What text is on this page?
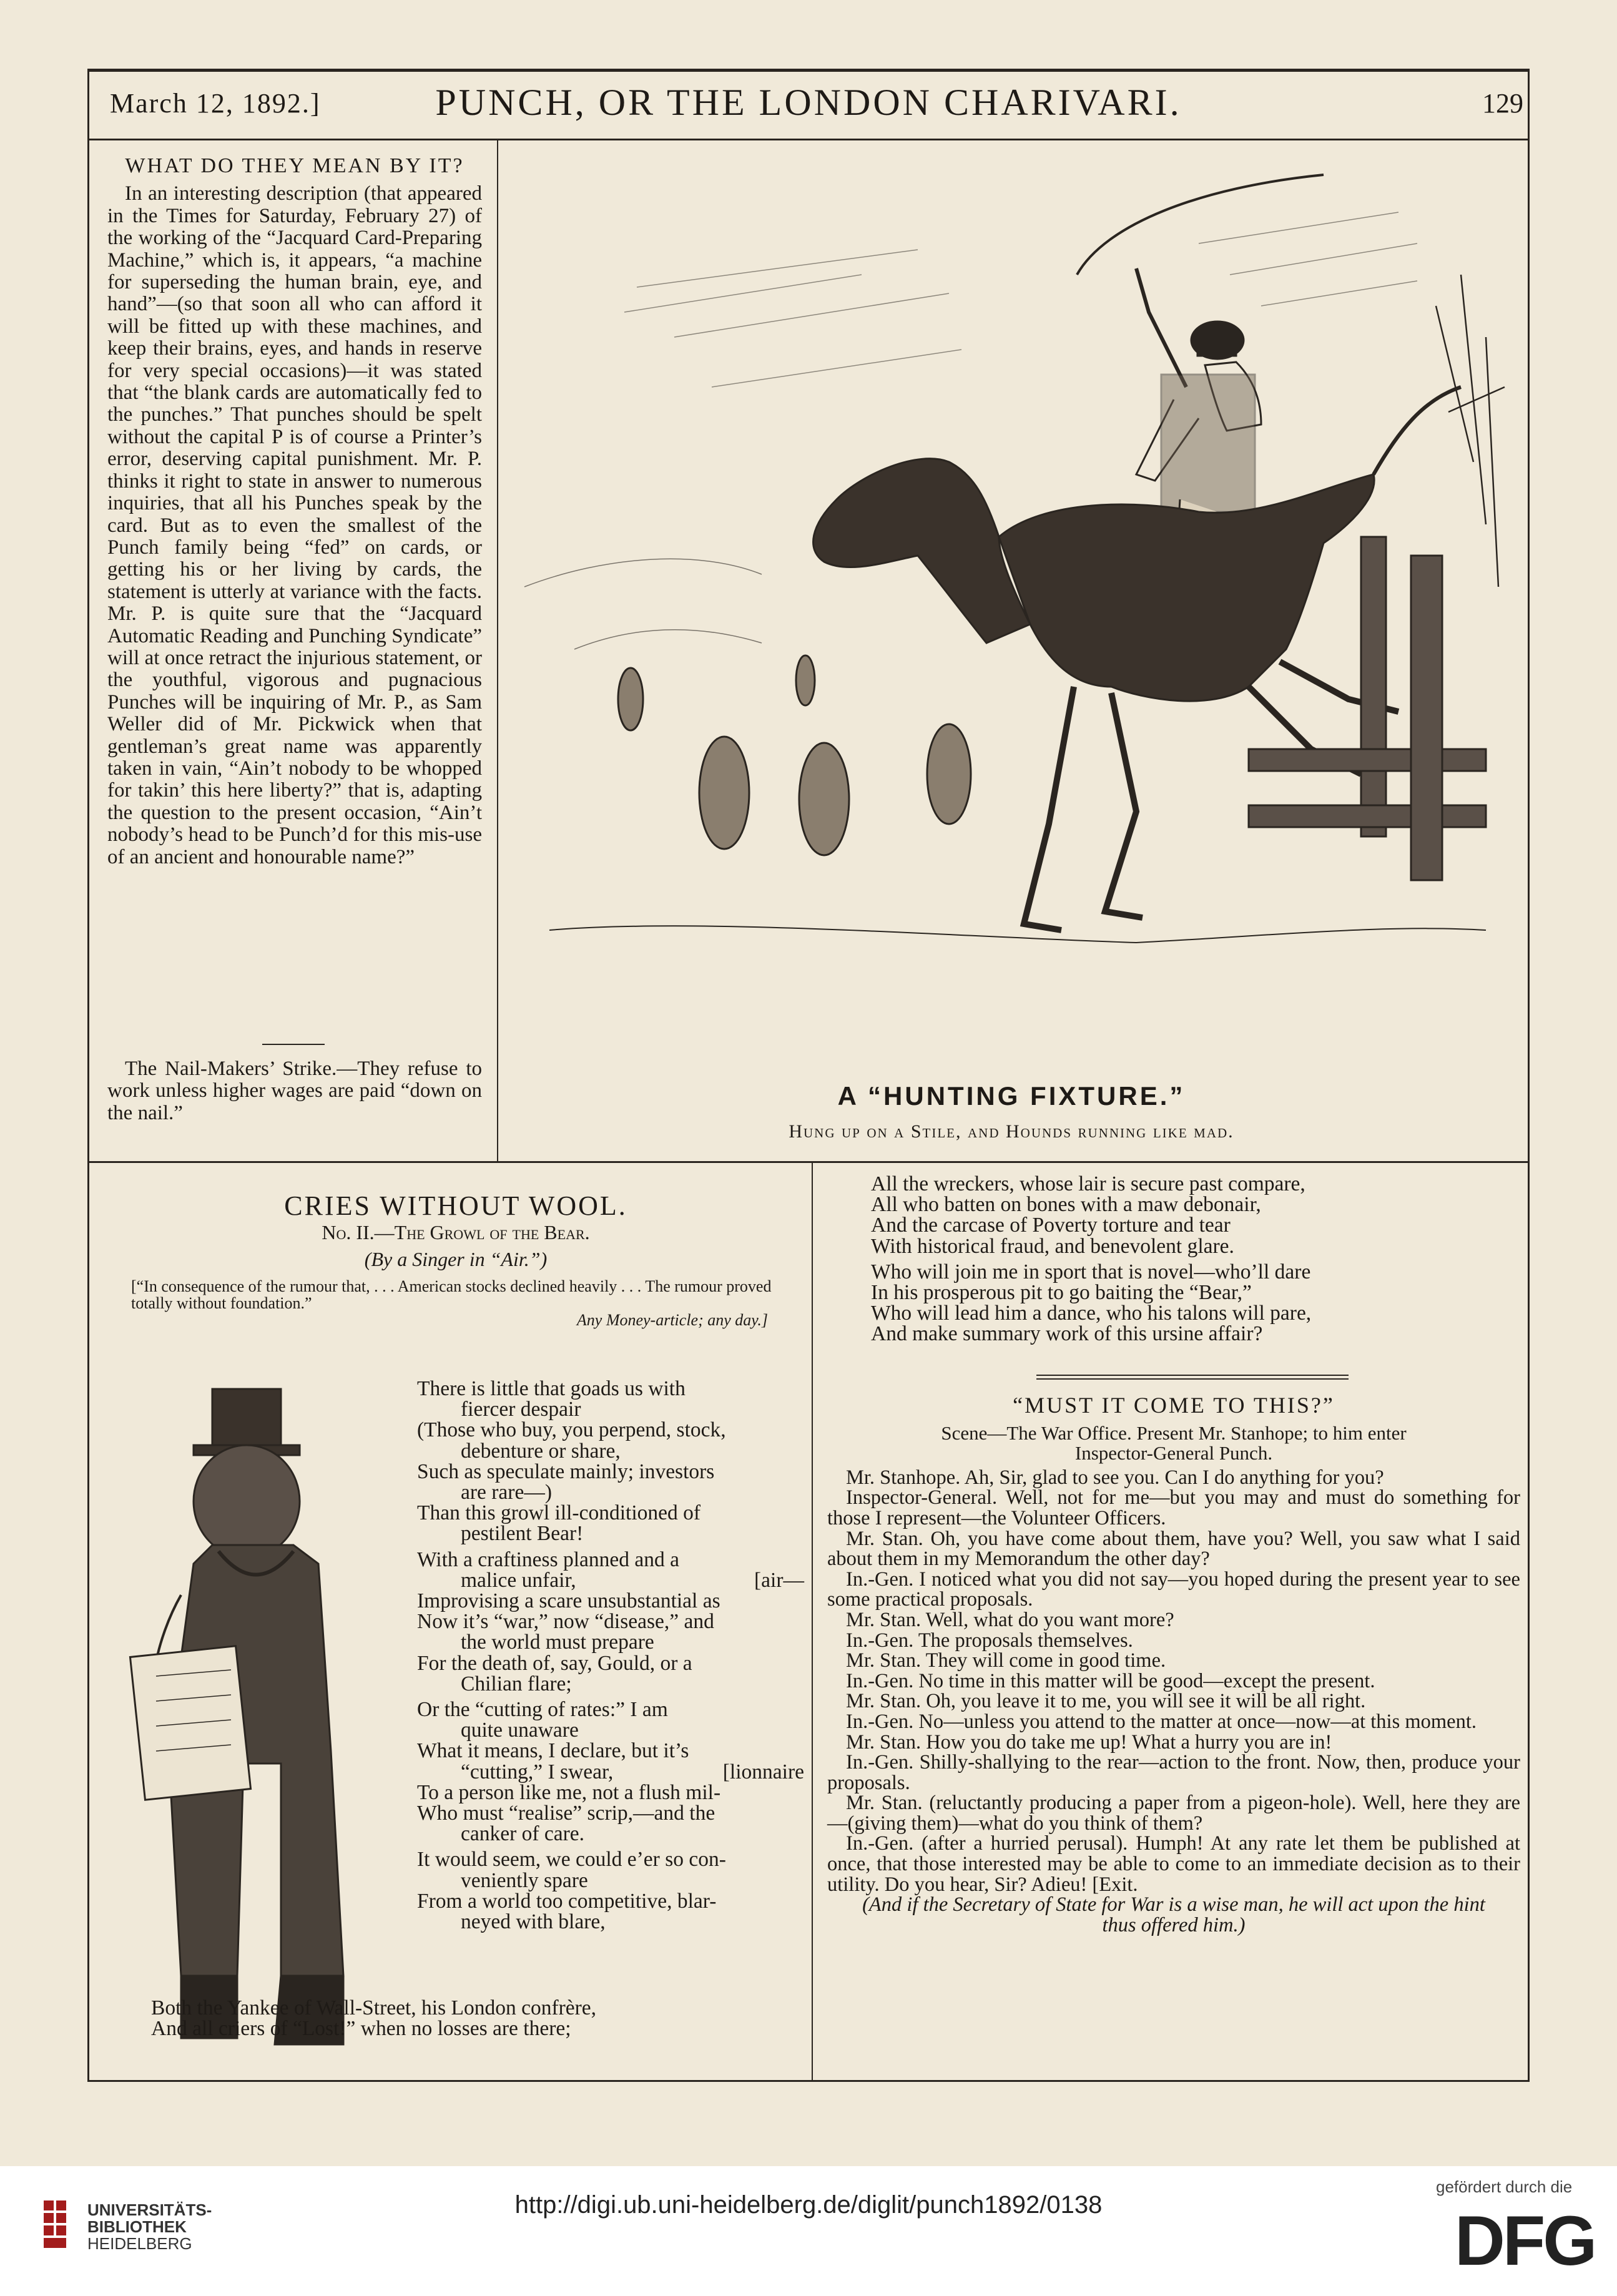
March 12, 1892.]	PUNCH, OR THE LONDON CHARIVARI.	129
WHAT DO THEY MEAN BY IT?

In an interesting description (that appeared in the Times for Saturday, February 27) of the working of the “Jacquard Card-Preparing Machine,” which is, it appears, “a machine for superseding the human brain, eye, and hand”—(so that soon all who can afford it will be fitted up with these machines, and keep their brains, eyes, and hands in reserve for very special occasions)—it was stated that “the blank cards are automatically fed to the punches.” That punches should be spelt without the capital P is of course a Printer’s error, deserving capital punishment. Mr. P. thinks it right to state in answer to numerous inquiries, that all his Punches speak by the card. But as to even the smallest of the Punch family being “fed” on cards, or getting his or her living by cards, the statement is utterly at variance with the facts. Mr. P. is quite sure that the “Jacquard Automatic Reading and Punching Syndicate” will at once retract the injurious statement, or the youthful, vigorous and pugnacious Punches will be inquiring of Mr. P., as Sam Weller did of Mr. Pickwick when that gentleman’s great name was apparently taken in vain, “Ain’t nobody to be whopped for takin’ this here liberty?” that is, adapting the question to the present occasion, “Ain’t nobody’s head to be Punch’d for this mis-use of an ancient and honourable name?”

The Nail-Makers’ Strike.—They refuse to work unless higher wages are paid “down on the nail.”

A “HUNTING FIXTURE.”
Hung up on a Stile, and Hounds running like mad.
CRIES WITHOUT WOOL.
No. II.—The Growl of the Bear.
(By a Singer in “Air.”)
[“In consequence of the rumour that, . . . American stocks declined heavily . . . The rumour proved totally without foundation.”
Any Money-article; any day.]
There is little that goads us with
fiercer despair
(Those who buy, you perpend, stock,
debenture or share,
Such as speculate mainly; investors
are rare—)
Than this growl ill-conditioned of
pestilent Bear!
With a craftiness planned and a
malice unfair,	[air—
Improvising a scare unsubstantial as
Now it’s “war,” now “disease,” and
the world must prepare
For the death of, say, Gould, or a
Chilian flare;
Or the “cutting of rates:” I am
quite unaware
What it means, I declare, but it’s
“cutting,” I swear,	[lionnaire
To a person like me, not a flush mil-
Who must “realise” scrip,—and the
canker of care.
It would seem, we could e’er so con-
veniently spare
From a world too competitive, blar-
neyed with blare,
Both the Yankee of Wall-Street, his London confrère,
And all criers of “Lost!” when no losses are there;
All the wreckers, whose lair is secure past compare,
All who batten on bones with a maw debonair,
And the carcase of Poverty torture and tear
With historical fraud, and benevolent glare.
Who will join me in sport that is novel—who’ll dare
In his prosperous pit to go baiting the “Bear,”
Who will lead him a dance, who his talons will pare,
And make summary work of this ursine affair?
“MUST IT COME TO THIS?”
Scene—The War Office. Present Mr. Stanhope; to him enter
Inspector-General Punch.

Mr. Stanhope. Ah, Sir, glad to see you. Can I do anything for you?

Inspector-General. Well, not for me—but you may and must do something for those I represent—the Volunteer Officers.

Mr. Stan. Oh, you have come about them, have you? Well, you saw what I said about them in my Memorandum the other day?

In.-Gen. I noticed what you did not say—you hoped during the present year to see some practical proposals.

Mr. Stan. Well, what do you want more?

In.-Gen. The proposals themselves.

Mr. Stan. They will come in good time.

In.-Gen. No time in this matter will be good—except the present.

Mr. Stan. Oh, you leave it to me, you will see it will be all right.

In.-Gen. No—unless you attend to the matter at once—now—at this moment.

Mr. Stan. How you do take me up! What a hurry you are in!

In.-Gen. Shilly-shallying to the rear—action to the front. Now, then, produce your proposals.

Mr. Stan. (reluctantly producing a paper from a pigeon-hole). Well, here they are—(giving them)—what do you think of them?

In.-Gen. (after a hurried perusal). Humph! At any rate let them be published at once, that those interested may be able to come to an immediate decision as to their utility. Do you hear, Sir? Adieu! [Exit.

(And if the Secretary of State for War is a wise man, he will act upon the hint thus offered him.)
UNIVERSITÄTS-
BIBLIOTHEK
HEIDELBERG
http://digi.ub.uni-heidelberg.de/diglit/punch1892/0138
gefördert durch die
DFG
